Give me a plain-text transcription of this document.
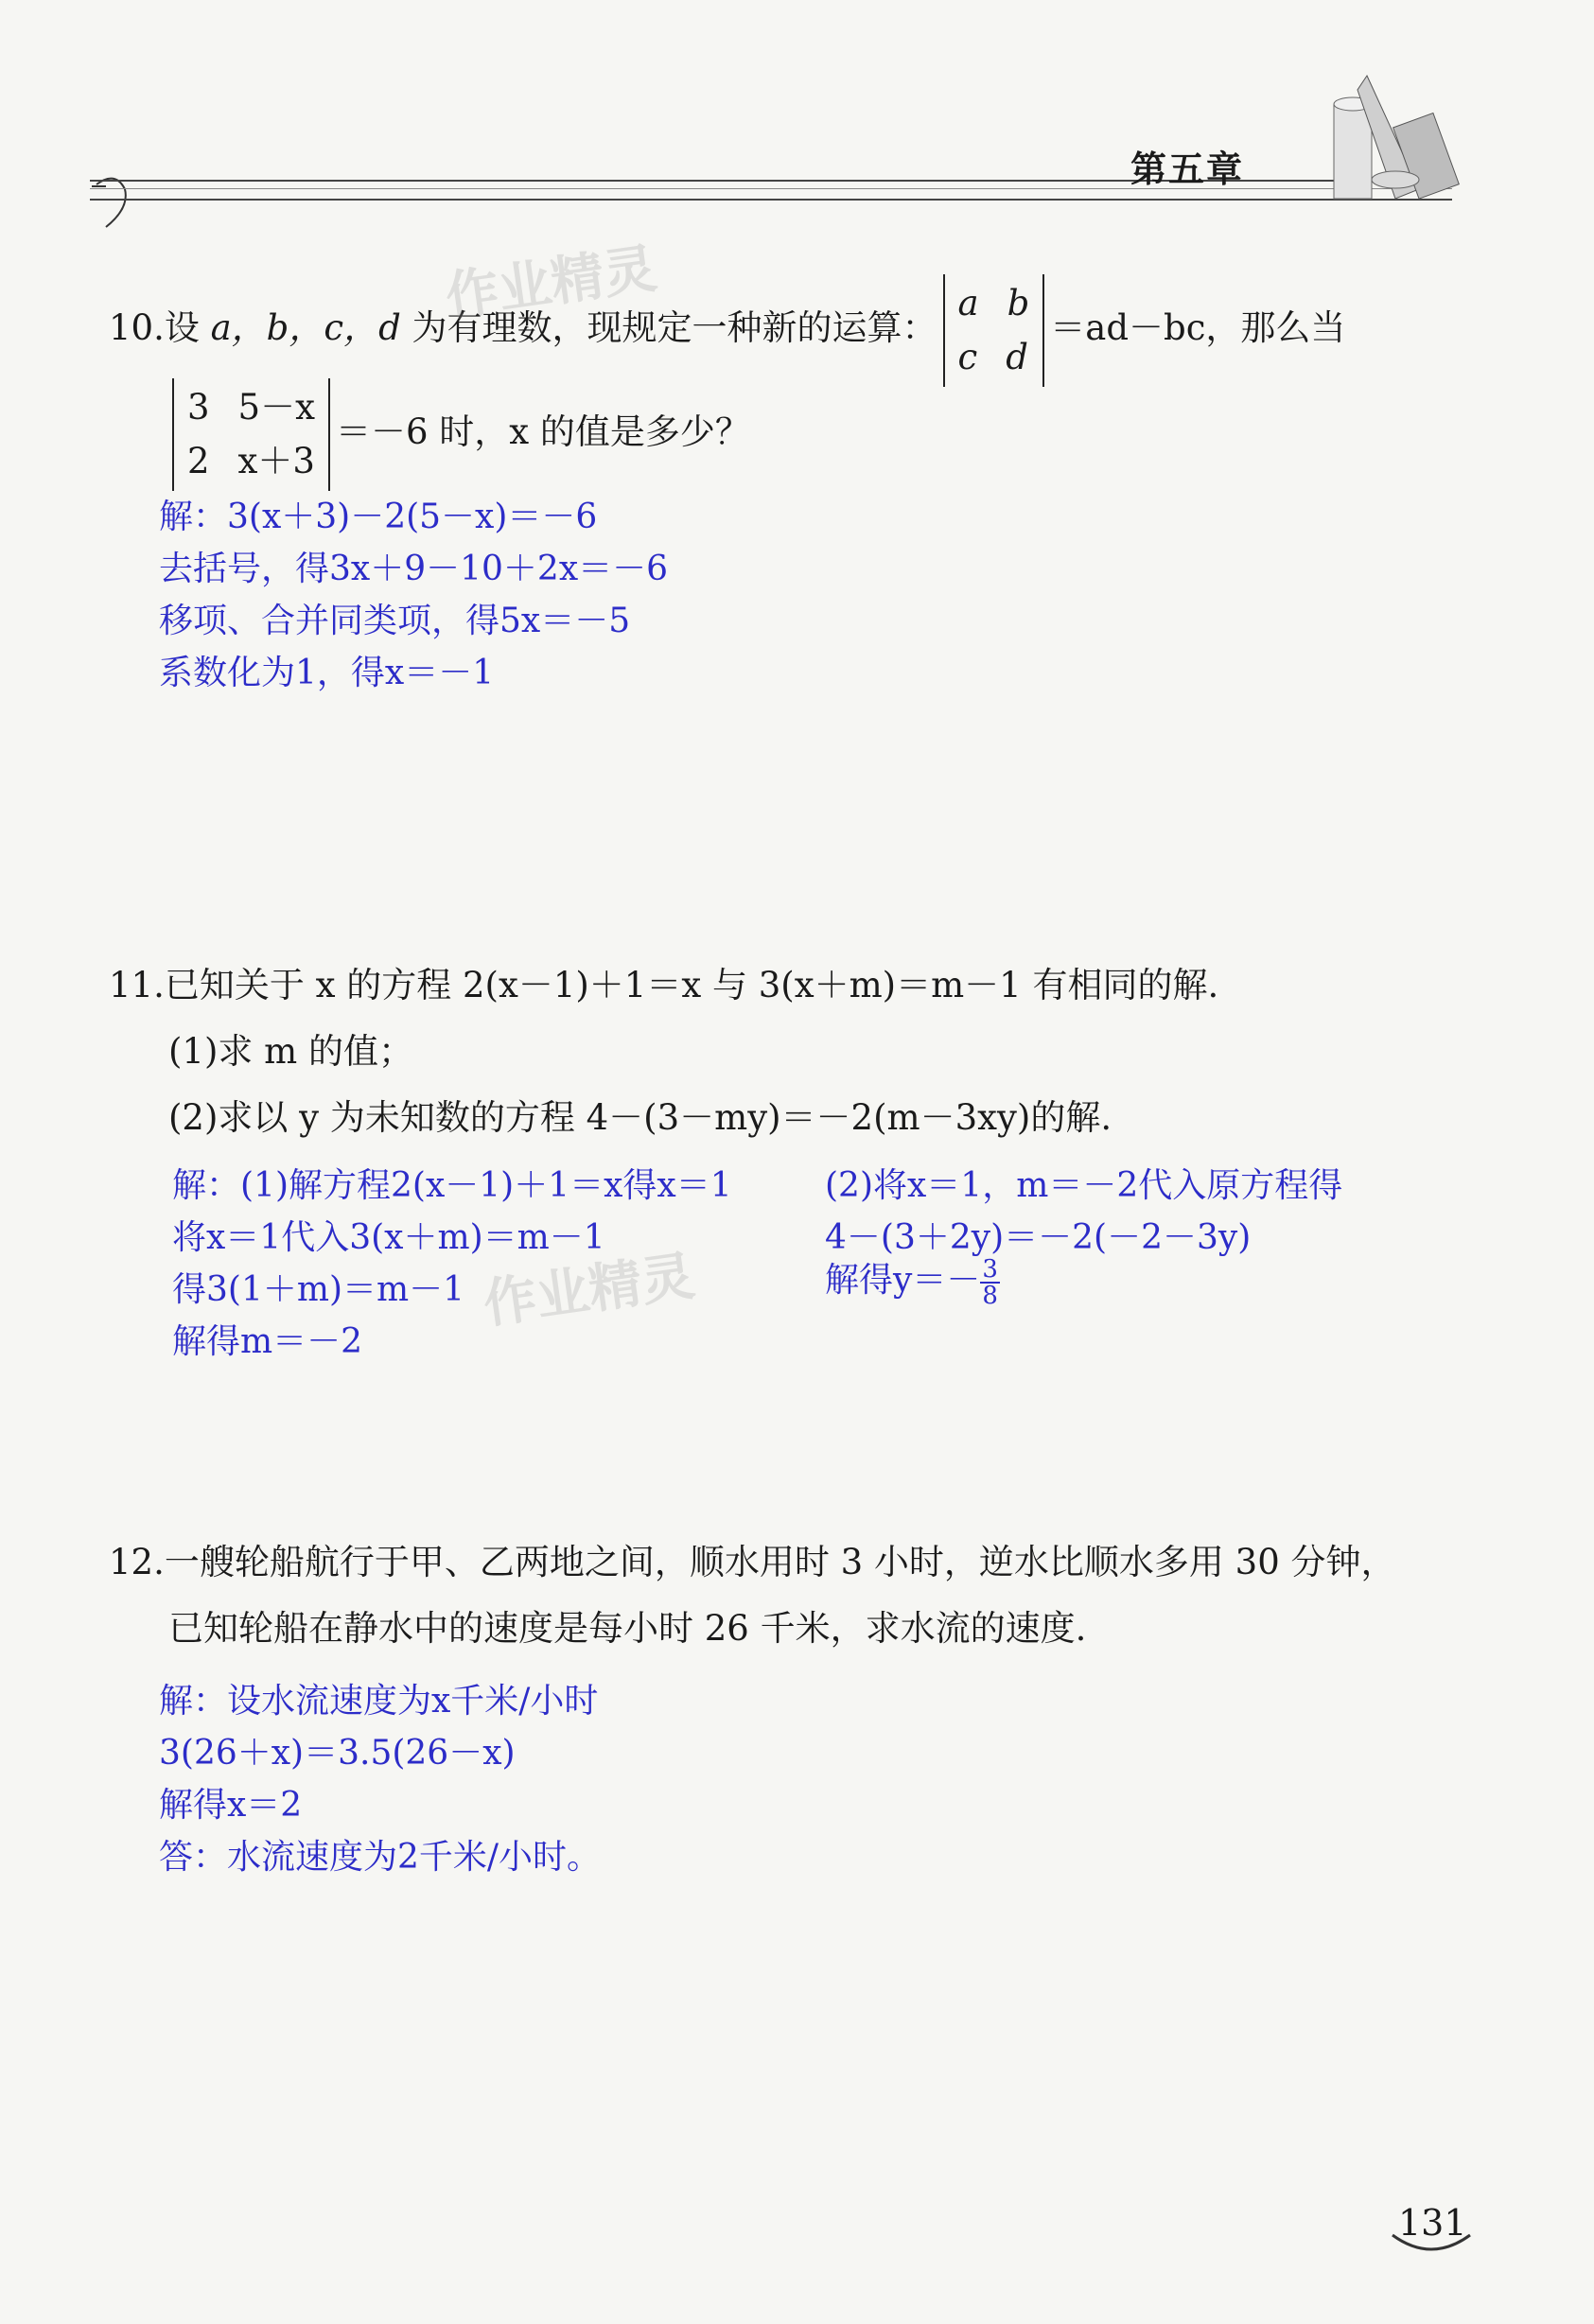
第五章
10.设 a，b，c，d 为有理数，现规定一种新的运算：
a b
c d
＝ad－bc，那么当
3 5－x
2 x＋3
＝－6 时，x 的值是多少？
解：3(x＋3)－2(5－x)＝－6
去括号，得3x＋9－10＋2x＝－6
移项、合并同类项，得5x＝－5
系数化为1，得x＝－1
11.已知关于 x 的方程 2(x－1)＋1＝x 与 3(x＋m)＝m－1 有相同的解.
(1)求 m 的值；
(2)求以 y 为未知数的方程 4－(3－my)＝－2(m－3xy)的解.
解：(1)解方程2(x－1)＋1＝x得x＝1
将x＝1代入3(x＋m)＝m－1
得3(1＋m)＝m－1
解得m＝－2
(2)将x＝1，m＝－2代入原方程得
4－(3＋2y)＝－2(－2－3y)
解得$y=- \frac{3}{8}$
12.一艘轮船航行于甲、乙两地之间，顺水用时 3 小时，逆水比顺水多用 30 分钟，
已知轮船在静水中的速度是每小时 26 千米，求水流的速度.
解：设水流速度为x千米/小时
3(26＋x)＝3.5(26－x)
解得x＝2
答：水流速度为2千米/小时。
作业精灵
作业精灵
131
